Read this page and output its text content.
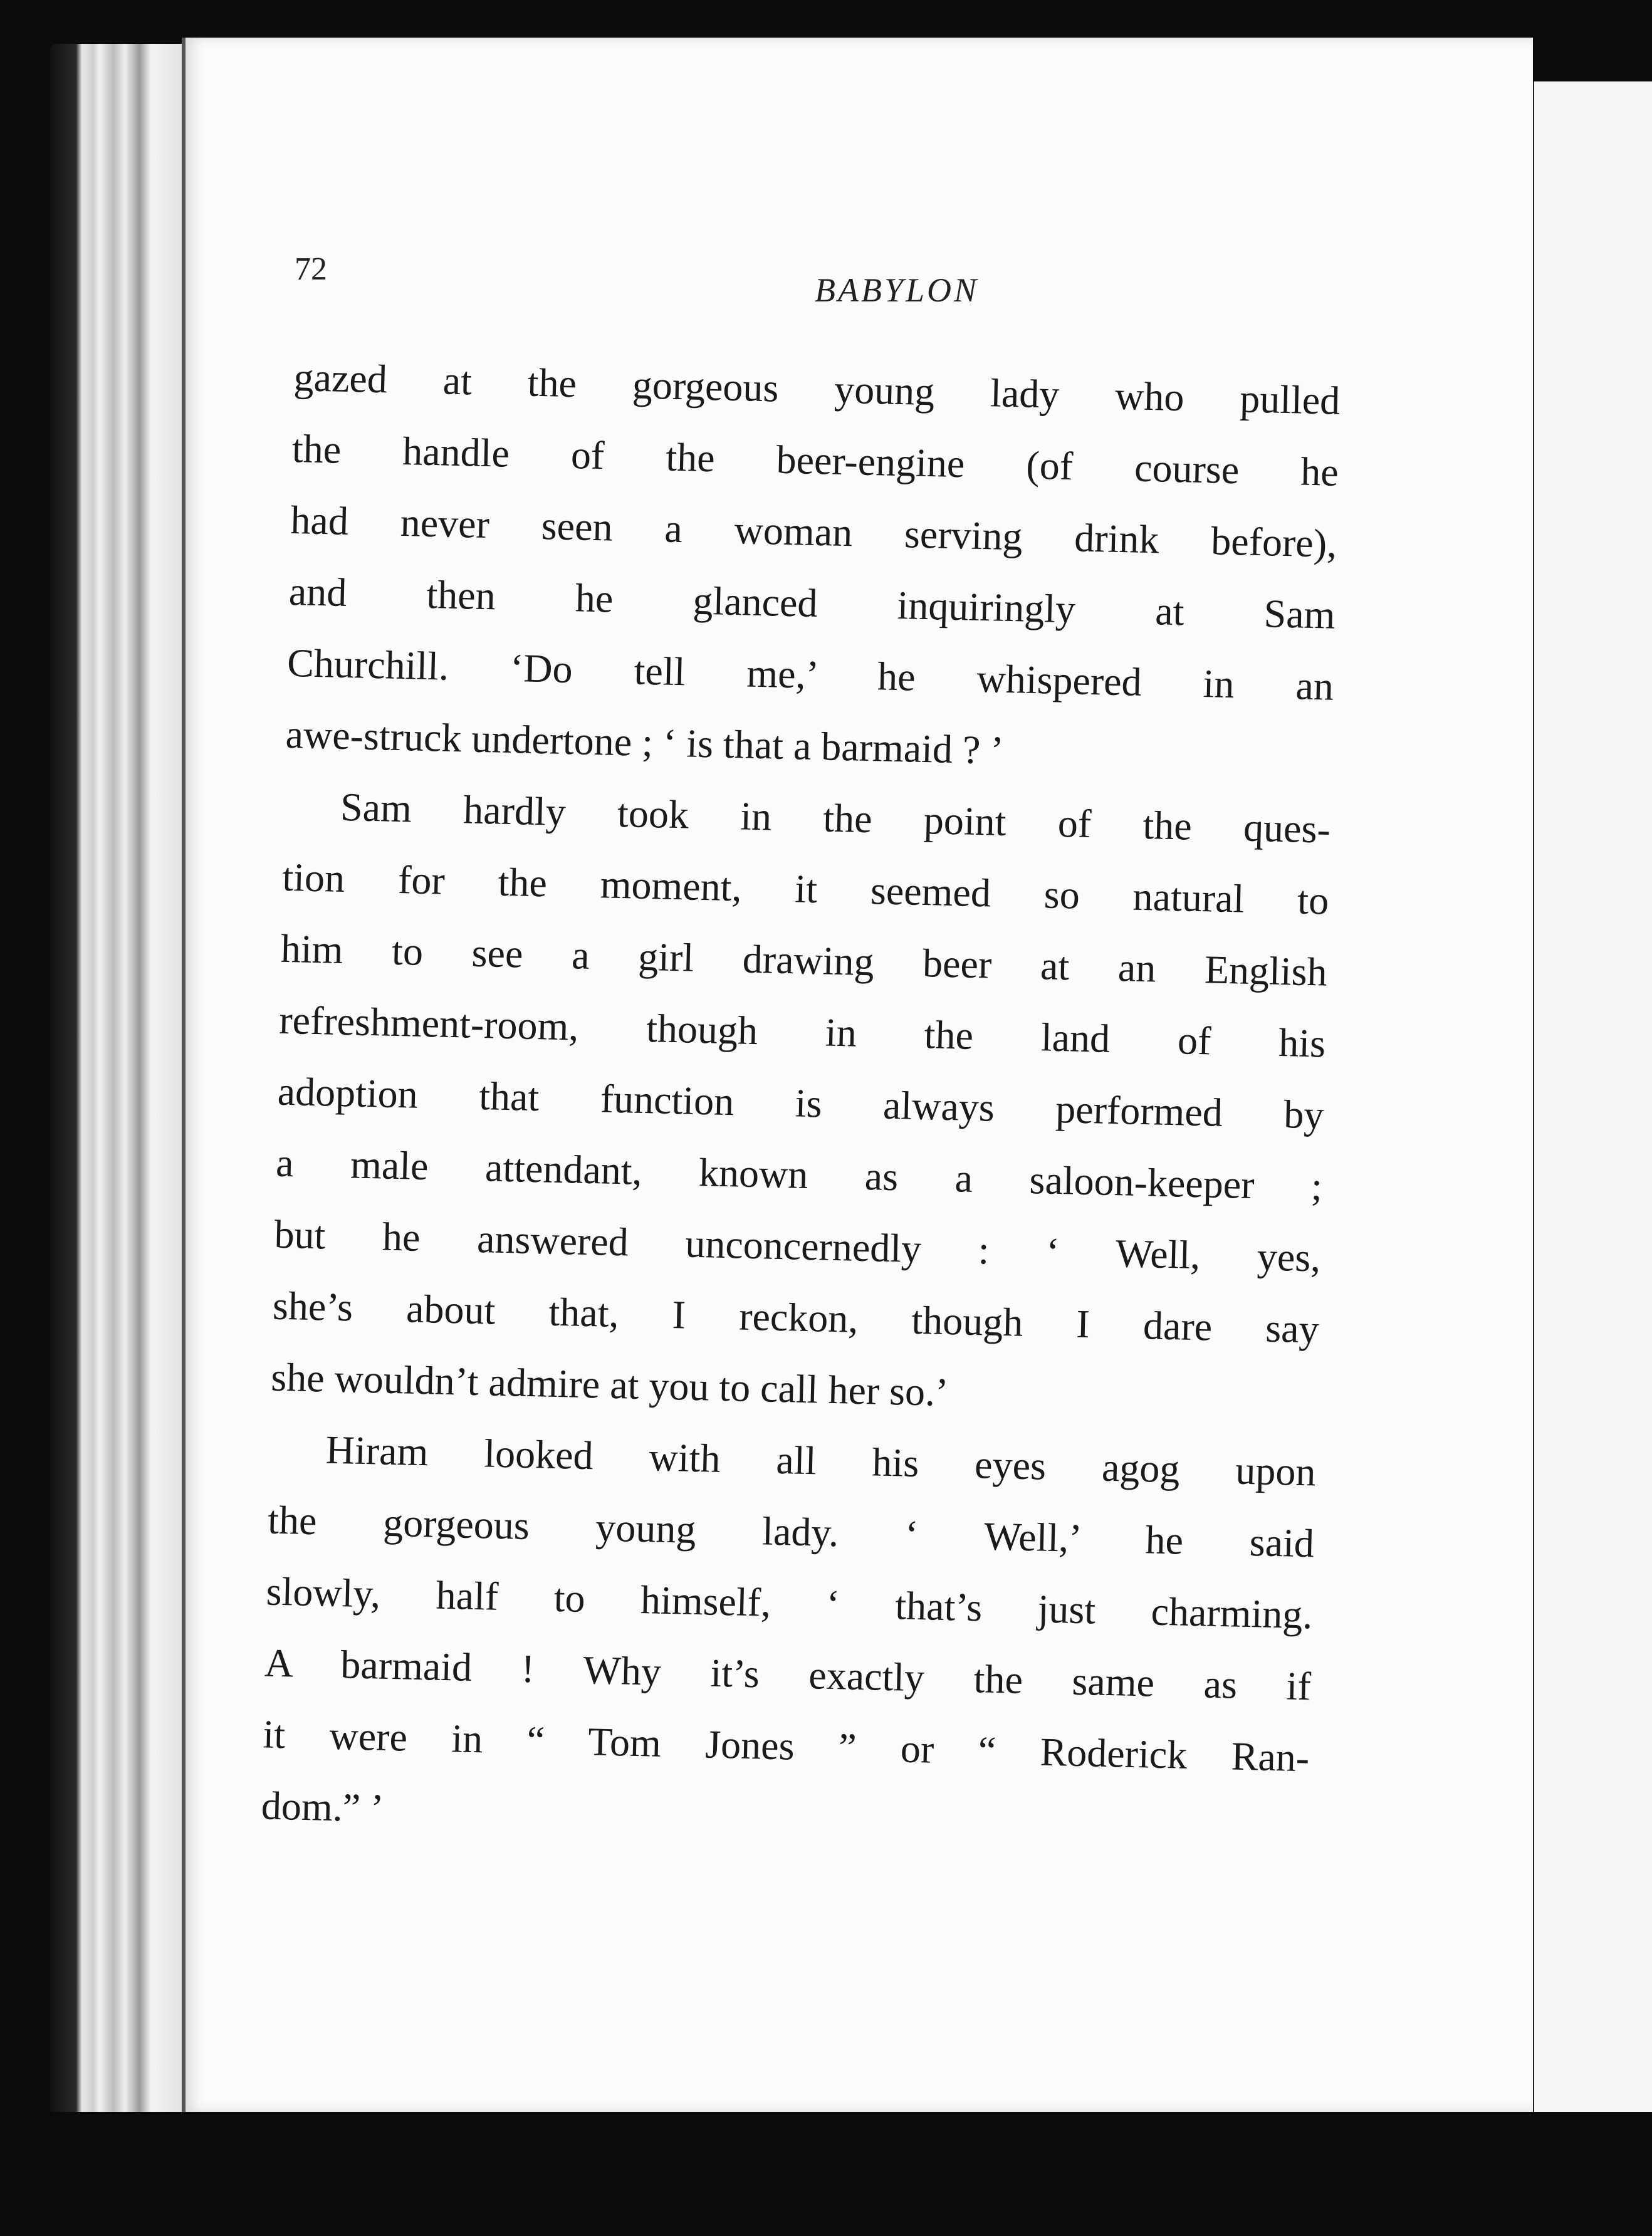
72
BABYLON
gazed at the gorgeous young lady who pulled
the handle of the beer-engine (of course he
had never seen a woman serving drink before),
and then he glanced inquiringly at Sam
Churchill. ‘Do tell me,’ he whispered in an
awe-struck undertone ; ‘ is that a barmaid ? ’
Sam hardly took in the point of the ques-
tion for the moment, it seemed so natural to
him to see a girl drawing beer at an English
refreshment-room, though in the land of his
adoption that function is always performed by
a male attendant, known as a saloon-keeper ;
but he answered unconcernedly : ‘ Well, yes,
she’s about that, I reckon, though I dare say
she wouldn’t admire at you to call her so.’
Hiram looked with all his eyes agog upon
the gorgeous young lady. ‘ Well,’ he said
slowly, half to himself, ‘ that’s just charming.
A barmaid ! Why it’s exactly the same as if
it were in “ Tom Jones ” or “ Roderick Ran-
dom.” ’
